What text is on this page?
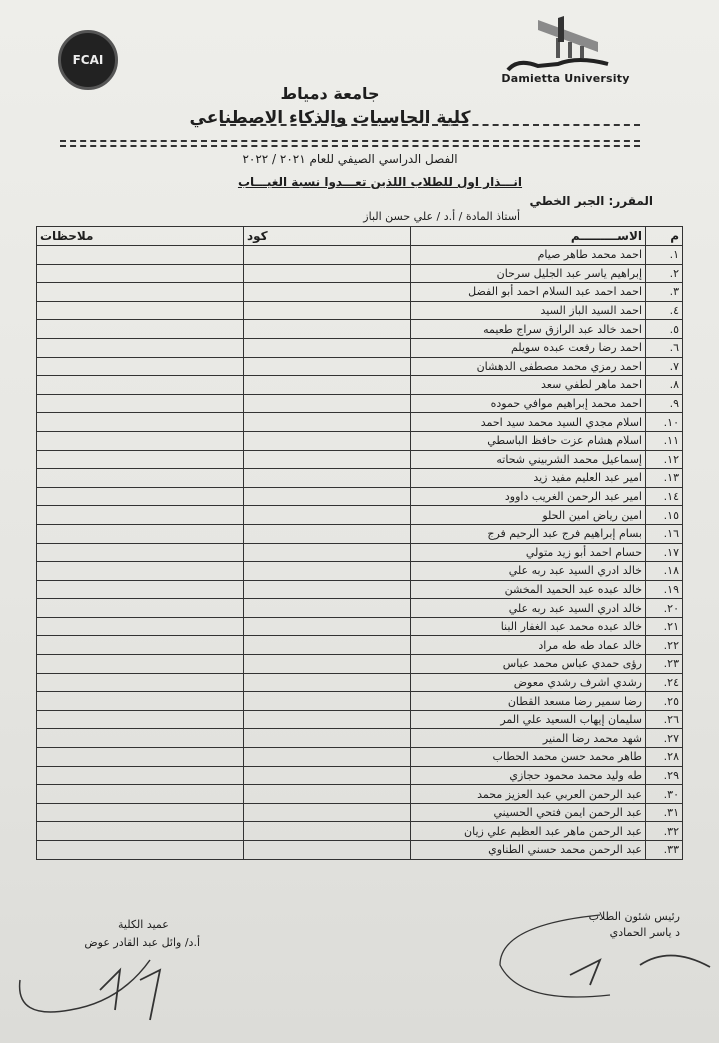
FCAI
Damietta University
جامعة دمياط
كلية الحاسبات والذكاء الاصطناعي
الفصل الدراسي الصيفي للعام ٢٠٢١ / ٢٠٢٢
انـــذار اول للطلاب اللذين تعـــدوا نسبة الغيـــاب
المقرر: الجبر الخطي
أستاذ المادة / أ.د / علي حسن الباز
م	الاســـــــــم	كود	ملاحظات
١.	احمد محمد طاهر صيام		
٢.	إبراهيم ياسر عبد الجليل سرحان		
٣.	احمد احمد عبد السلام احمد أبو الفضل		
٤.	احمد السيد الباز السيد		
٥.	احمد خالد عبد الرازق سراج طعيمه		
٦.	احمد رضا رفعت عبده سويلم		
٧.	احمد رمزي محمد مصطفى الدهشان		
٨.	احمد ماهر لطفي سعد		
٩.	احمد محمد إبراهيم موافي حموده		
١٠.	اسلام مجدي السيد محمد سيد احمد		
١١.	اسلام هشام عزت حافظ الباسطي		
١٢.	إسماعيل محمد الشربيني شحاته		
١٣.	امير عبد العليم مفيد زيد		
١٤.	امير عبد الرحمن الغريب داوود		
١٥.	امين رياض امين الحلو		
١٦.	بسام إبراهيم فرج عبد الرحيم فرج		
١٧.	حسام احمد أبو زيد متولي		
١٨.	خالد ادري السيد عبد ربه علي		
١٩.	خالد عبده عبد الحميد المخشن		
٢٠.	خالد ادري السيد عبد ربه علي		
٢١.	خالد عبده محمد عبد الغفار البنا		
٢٢.	خالد عماد طه طه مراد		
٢٣.	رؤى حمدي عباس محمد عباس		
٢٤.	رشدي اشرف رشدي معوض		
٢٥.	رضا سمير رضا مسعد القطان		
٢٦.	سليمان إيهاب السعيد علي المر		
٢٧.	شهد محمد رضا المنير		
٢٨.	طاهر محمد حسن محمد الحطاب		
٢٩.	طه وليد محمد محمود حجازي		
٣٠.	عبد الرحمن العربي عبد العزيز محمد		
٣١.	عبد الرحمن ايمن فتحي الحسيني		
٣٢.	عبد الرحمن ماهر عبد العظيم علي زيان		
٣٣.	عبد الرحمن محمد حسني الطناوي		
عميد الكلية
أ.د/ وائل عبد القادر عوض
رئيس شئون الطلاب
د ياسر الحمادي
